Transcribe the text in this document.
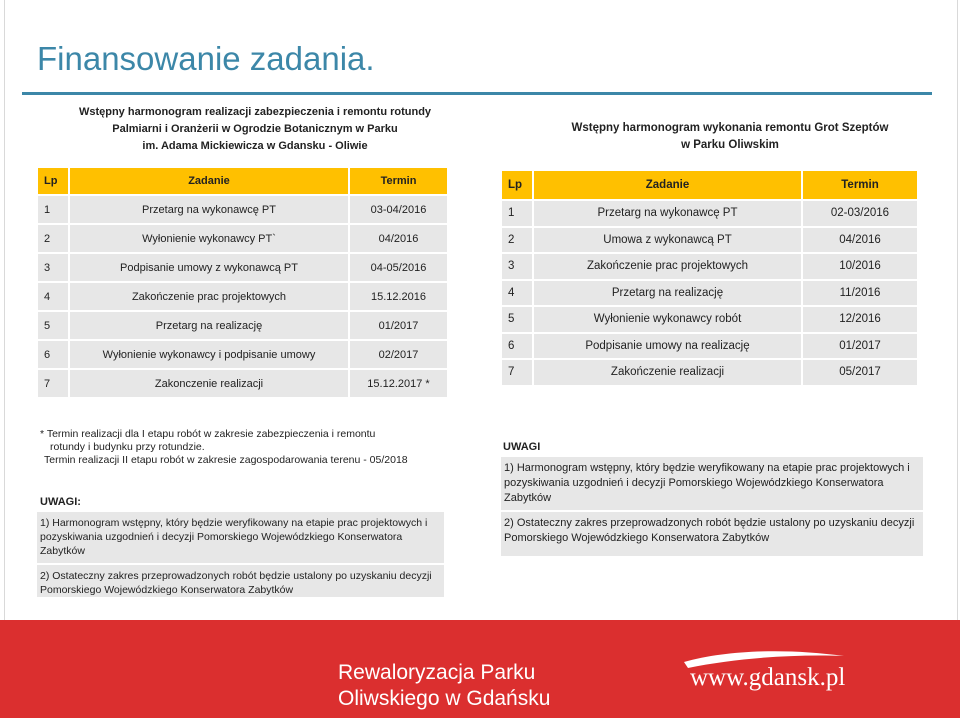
Finansowanie zadania.
Wstępny harmonogram realizacji zabezpieczenia i remontu rotundy
Palmiarni i Oranżerii w Ogrodzie Botanicznym w Parku
im. Adama Mickiewicza w Gdansku - Oliwie
Lp	Zadanie	Termin
1	Przetarg na wykonawcę PT	03-04/2016
2	Wyłonienie wykonawcy PT`	04/2016
3	Podpisanie umowy z wykonawcą PT	04-05/2016
4	Zakończenie prac projektowych	15.12.2016
5	Przetarg na realizację	01/2017
6	Wyłonienie wykonawcy i podpisanie umowy	02/2017
7	Zakonczenie realizacji	15.12.2017 *
* Termin realizacji dla I etapu robót w zakresie zabezpieczenia i remontu
rotundy i budynku przy rotundzie.
Termin realizacji II etapu robót w zakresie zagospodarowania terenu - 05/2018
UWAGI:
1) Harmonogram wstępny, który będzie weryfikowany na etapie prac projektowych i pozyskiwania uzgodnień i decyzji Pomorskiego Wojewódzkiego Konserwatora Zabytków
2) Ostateczny zakres przeprowadzonych robót będzie ustalony po uzyskaniu decyzji Pomorskiego Wojewódzkiego Konserwatora Zabytków
Wstępny harmonogram wykonania remontu Grot Szeptów
w Parku Oliwskim
Lp	Zadanie	Termin
1	Przetarg na wykonawcę PT	02-03/2016
2	Umowa z wykonawcą PT	04/2016
3	Zakończenie prac projektowych	10/2016
4	Przetarg na realizację	11/2016
5	Wyłonienie wykonawcy robót	12/2016
6	Podpisanie umowy na realizację	01/2017
7	Zakończenie realizacji	05/2017
UWAGI
1) Harmonogram wstępny, który będzie weryfikowany na etapie prac projektowych i pozyskiwania uzgodnień i decyzji Pomorskiego Wojewódzkiego Konserwatora Zabytków
2) Ostateczny zakres przeprowadzonych robót będzie ustalony po uzyskaniu decyzji Pomorskiego Wojewódzkiego Konserwatora Zabytków
Rewaloryzacja Parku
Oliwskiego w Gdańsku
www.gdansk.pl
